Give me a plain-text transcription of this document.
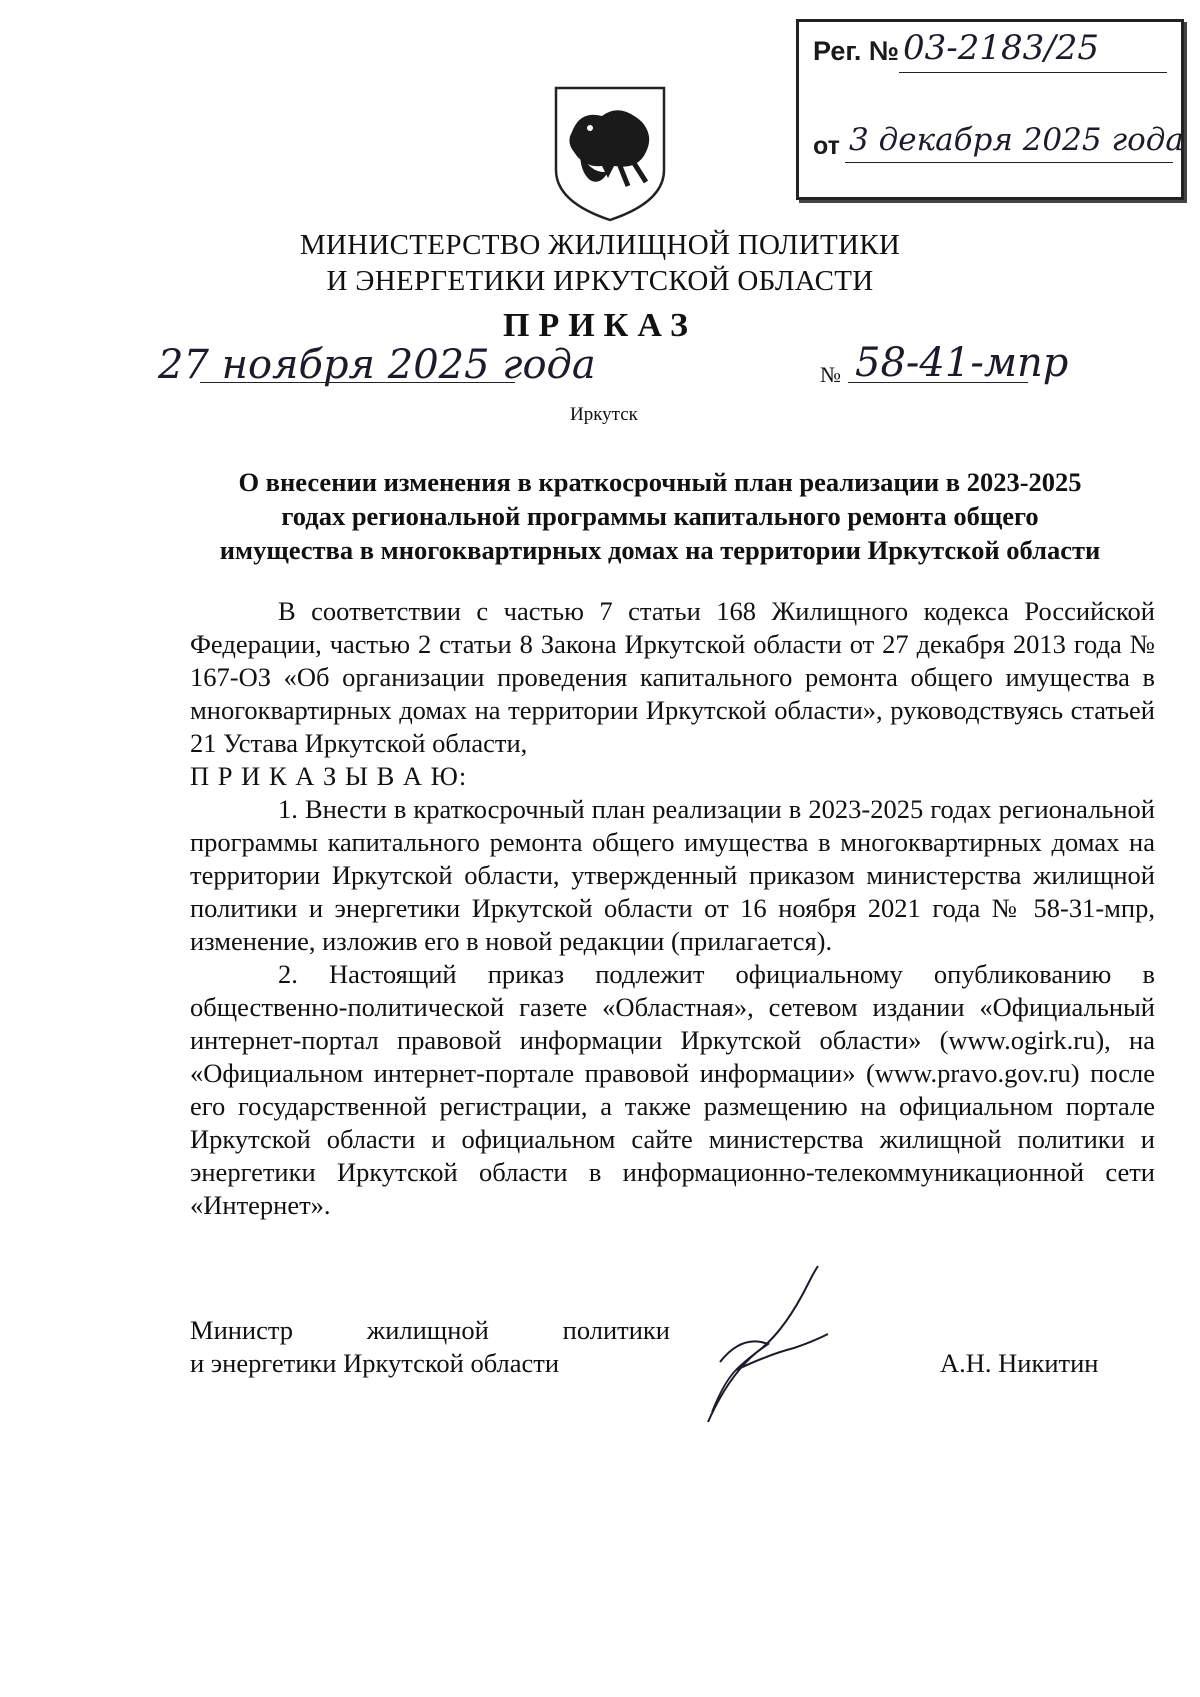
Рег. № 03-2183/25
от 3 декабря 2025 года
МИНИСТЕРСТВО ЖИЛИЩНОЙ ПОЛИТИКИ
И ЭНЕРГЕТИКИ ИРКУТСКОЙ ОБЛАСТИ
ПРИКАЗ
27 ноября 2025 года	№ 58-41-мпр
Иркутск
О внесении изменения в краткосрочный план реализации в 2023-2025
годах региональной программы капитального ремонта общего
имущества в многоквартирных домах на территории Иркутской области

В соответствии с частью 7 статьи 168 Жилищного кодекса Российской Федерации, частью 2 статьи 8 Закона Иркутской области от 27 декабря 2013 года № 167-ОЗ «Об организации проведения капитального ремонта общего имущества в многоквартирных домах на территории Иркутской области», руководствуясь статьей 21 Устава Иркутской области,

П Р И К А З Ы В А Ю:

1. Внести в краткосрочный план реализации в 2023-2025 годах региональной программы капитального ремонта общего имущества в многоквартирных домах на территории Иркутской области, утвержденный приказом министерства жилищной политики и энергетики Иркутской области от 16 ноября 2021 года № 58-31-мпр, изменение, изложив его в новой редакции (прилагается).

2. Настоящий приказ подлежит официальному опубликованию в общественно-политической газете «Областная», сетевом издании «Официальный интернет-портал правовой информации Иркутской области» (www.ogirk.ru), на «Официальном интернет-портале правовой информации» (www.pravo.gov.ru) после его государственной регистрации, а также размещению на официальном портале Иркутской области и официальном сайте министерства жилищной политики и энергетики Иркутской области в информационно-телекоммуникационной сети «Интернет».

Министр	жилищной	политики
и энергетики Иркутской области	А.Н. Никитин
